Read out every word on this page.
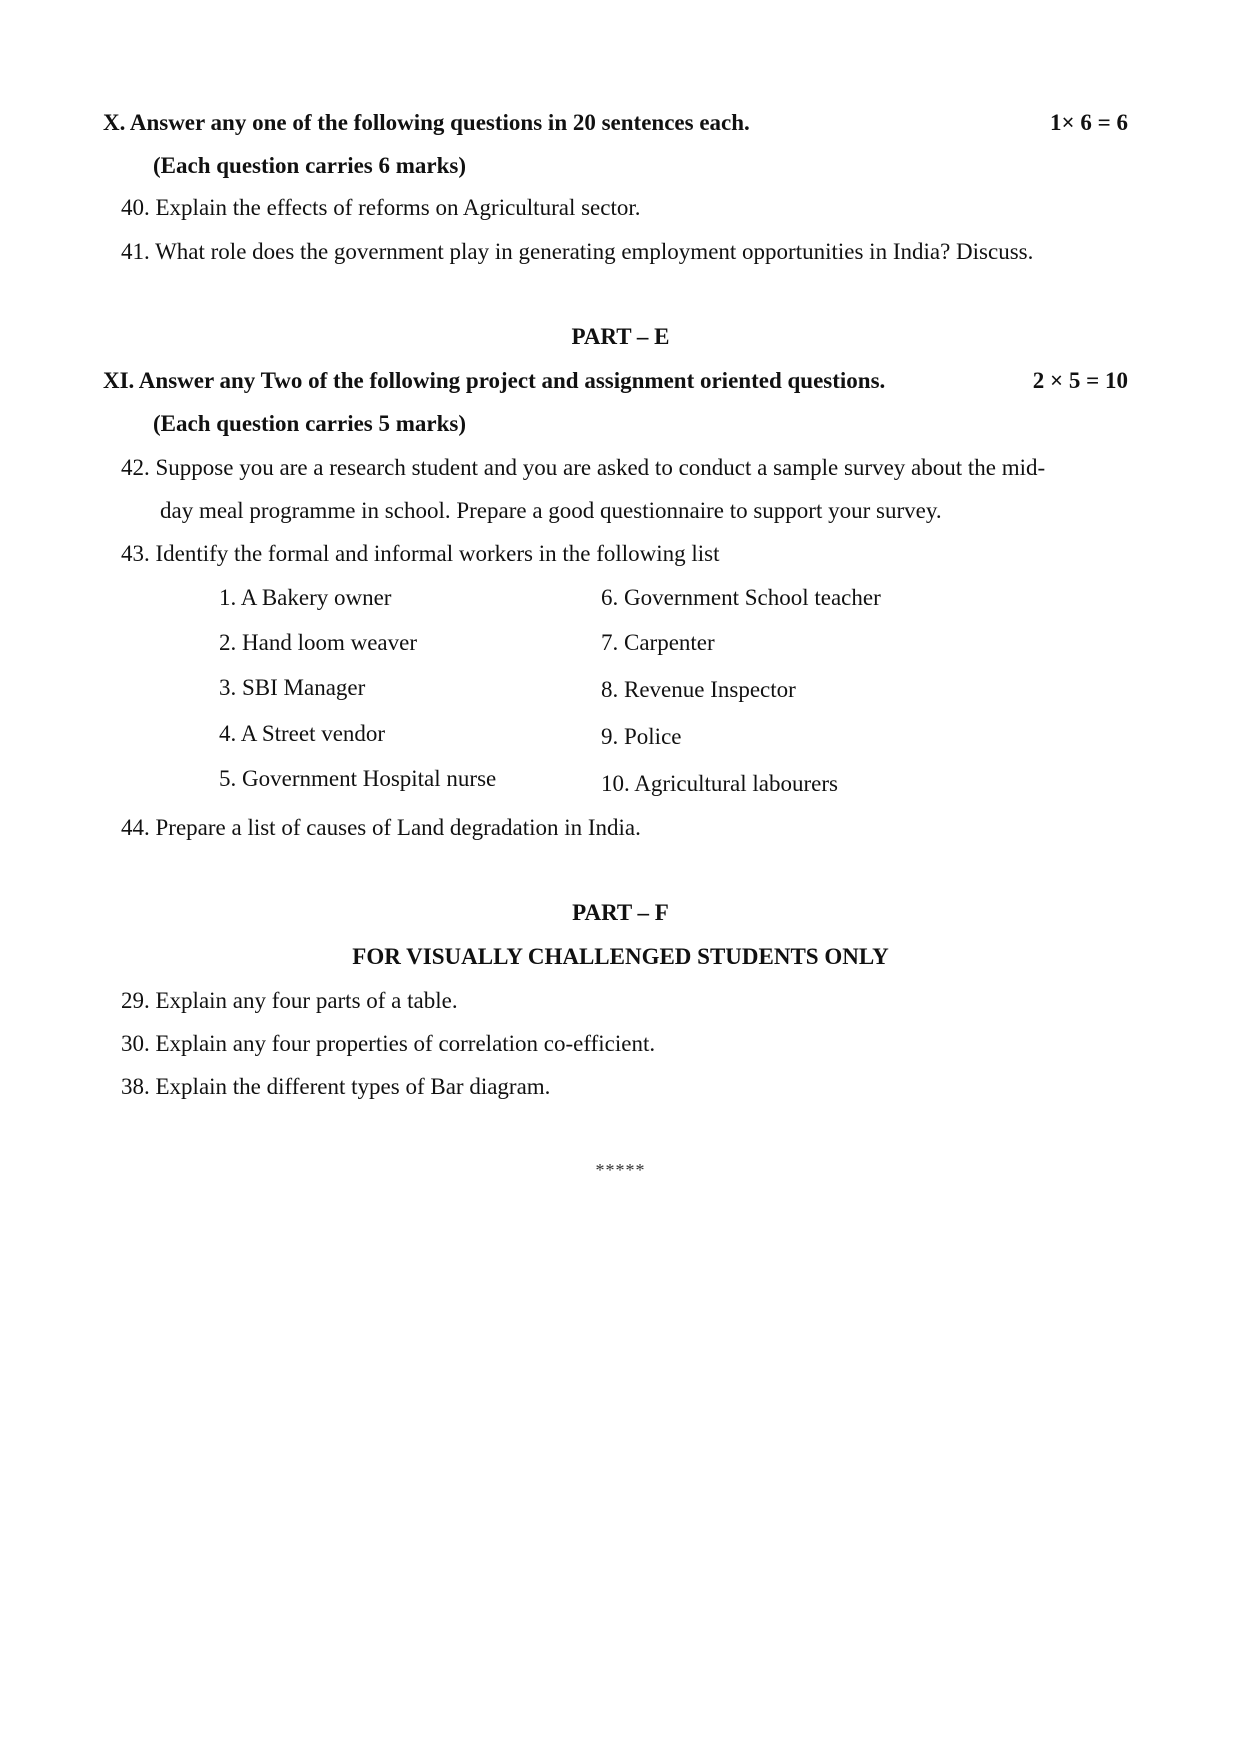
X. Answer any one of the following questions in 20 sentences each.	1× 6 = 6
(Each question carries 6 marks)
40. Explain the effects of reforms on Agricultural sector.
41. What role does the government play in generating employment opportunities in India? Discuss.
PART – E
XI. Answer any Two of the following project and assignment oriented questions.	2 × 5 = 10
(Each question carries 5 marks)
42. Suppose you are a research student and you are asked to conduct a sample survey about the mid-
day meal programme in school. Prepare a good questionnaire to support your survey.
43. Identify the formal and informal workers in the following list
1. A Bakery owner
2. Hand loom weaver
3. SBI Manager
4. A Street vendor
5. Government Hospital nurse
6. Government School teacher
7. Carpenter
8. Revenue Inspector
9. Police
10. Agricultural labourers
44. Prepare a list of causes of Land degradation in India.
PART – F
FOR VISUALLY CHALLENGED STUDENTS ONLY
29. Explain any four parts of a table.
30. Explain any four properties of correlation co-efficient.
38. Explain the different types of Bar diagram.
*****
